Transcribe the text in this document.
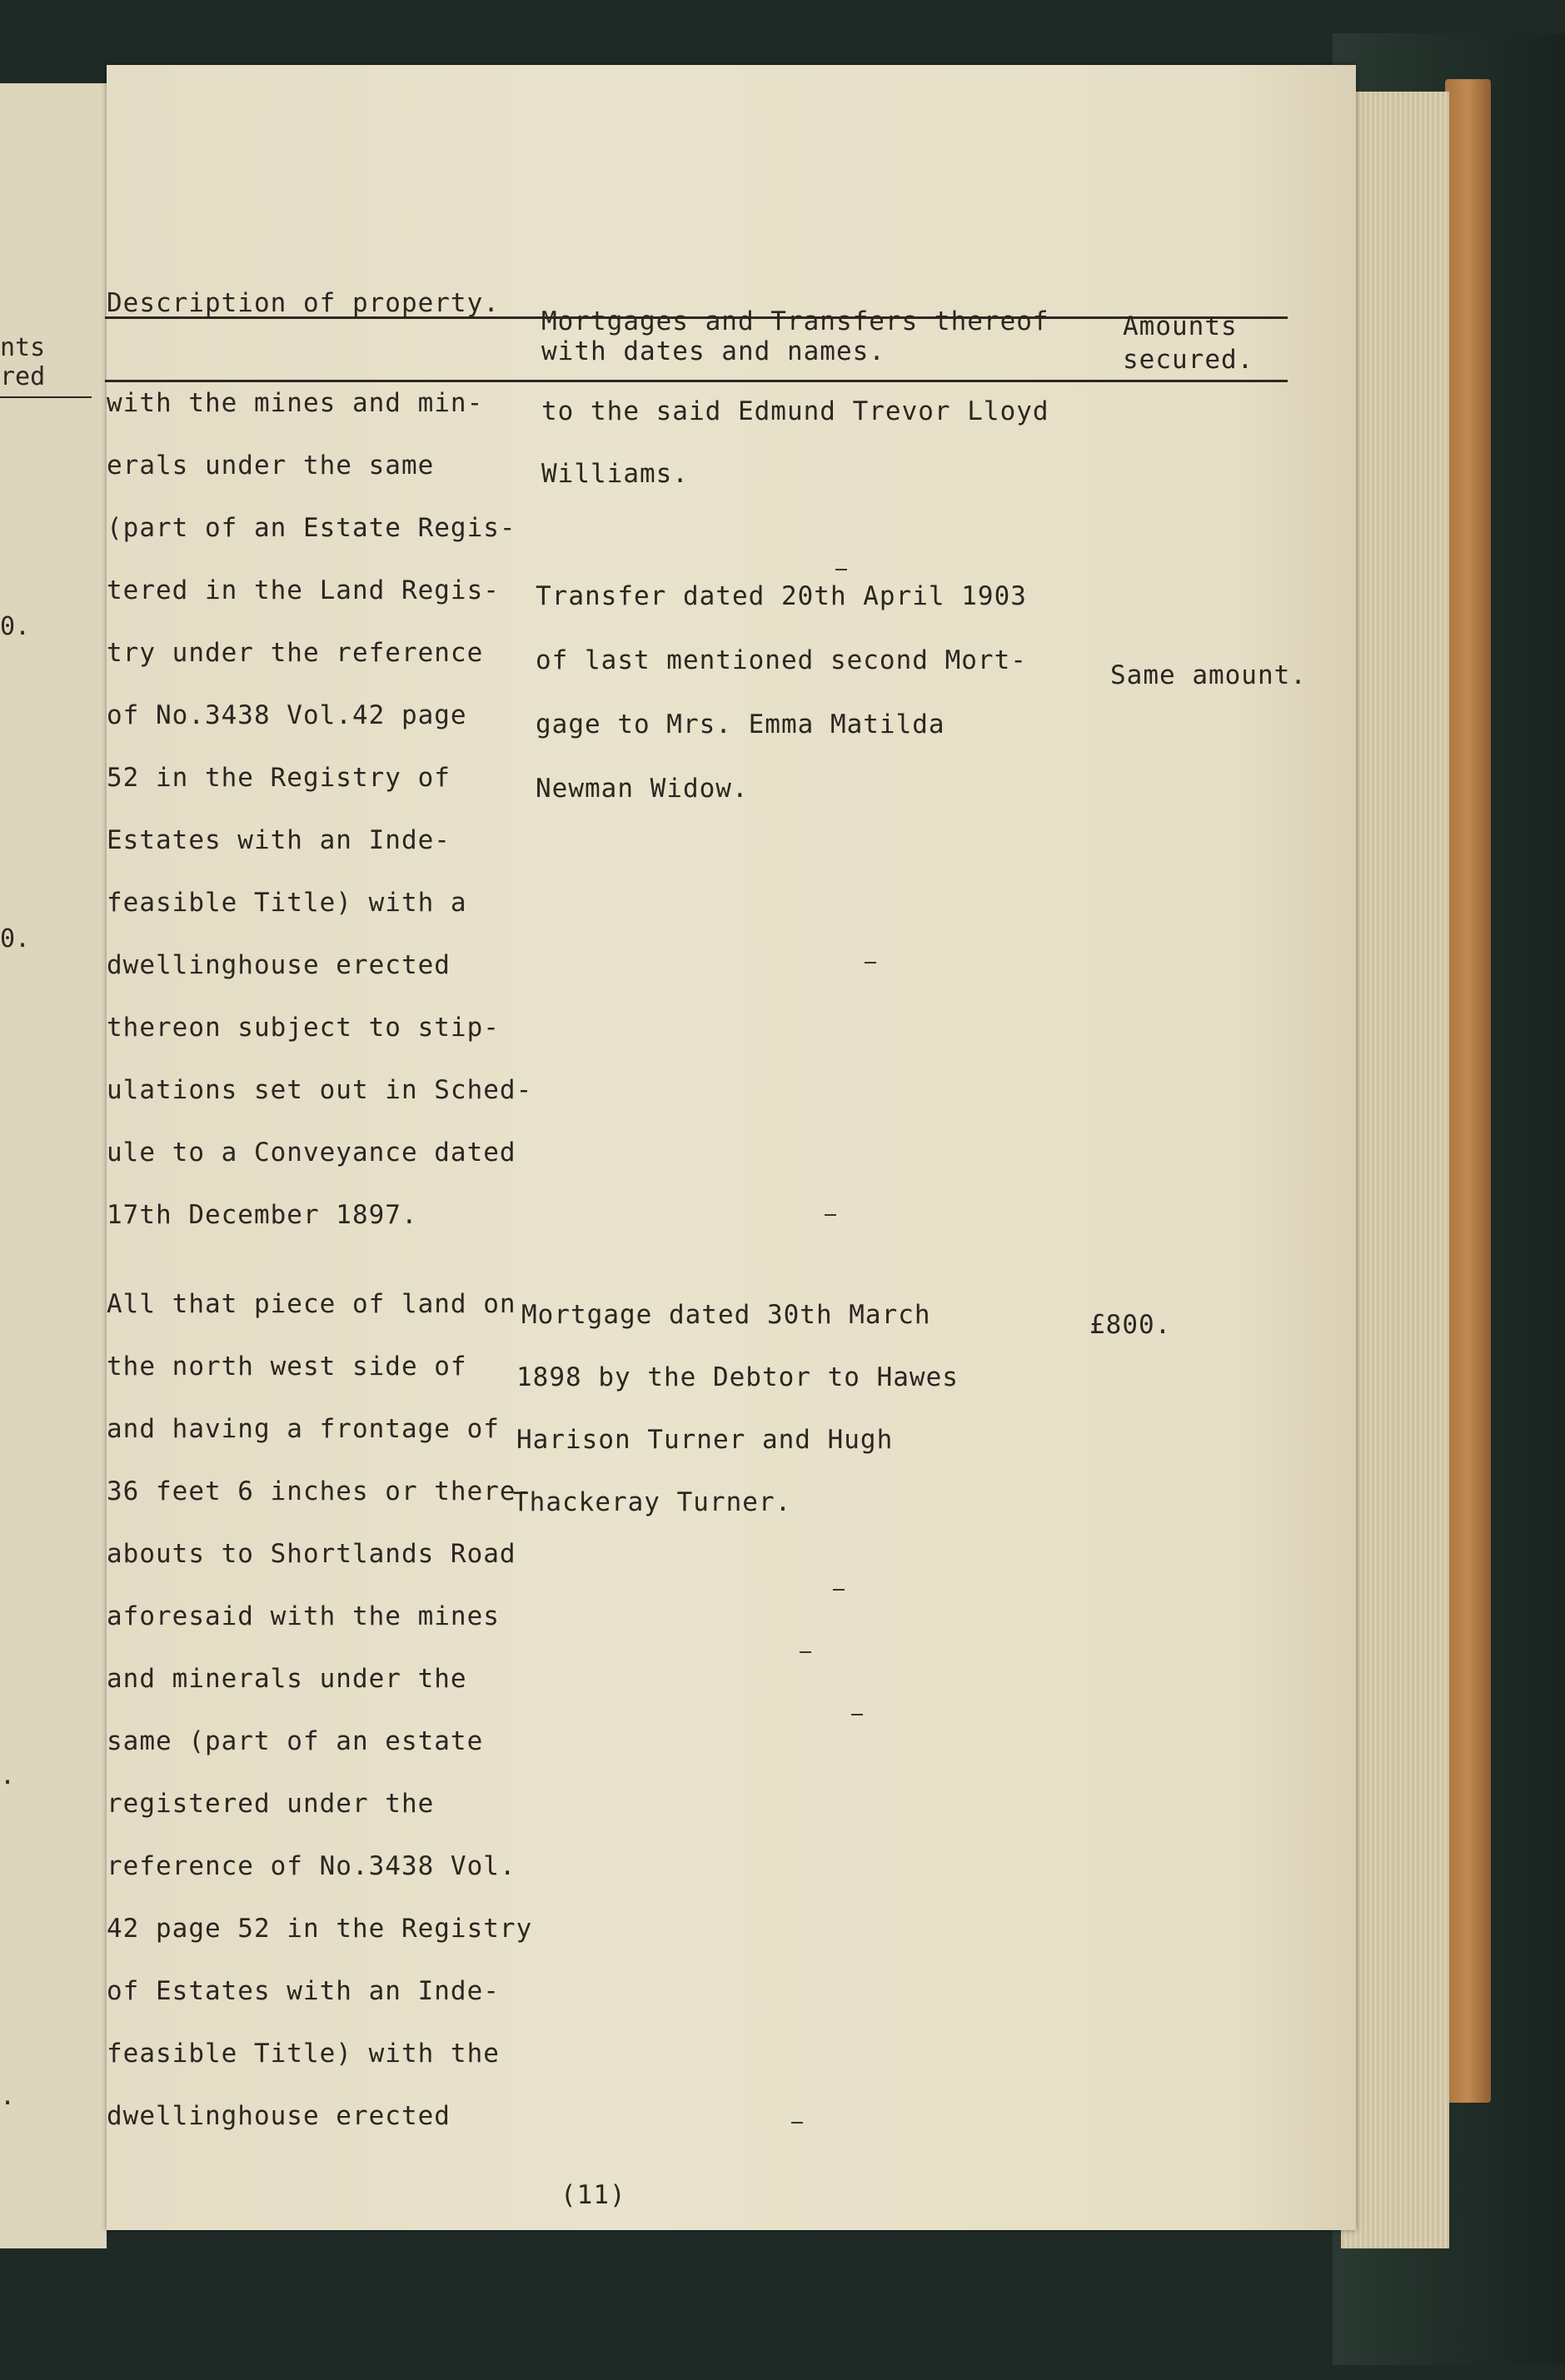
nts
red
0.
0.
.
.
Description of property.
Mortgages and Transfers thereof
with dates and names.
Amounts
secured.
with the mines and min-
erals under the same
(part of an Estate Regis-
tered in the Land Regis-
try under the reference
of No.3438 Vol.42 page
52 in the Registry of
Estates with an Inde-
feasible Title) with a
dwellinghouse erected
thereon subject to stip-
ulations set out in Sched-
ule to a Conveyance dated
17th December 1897.
All that piece of land on
the north west side of
and having a frontage of
36 feet 6 inches or there-
abouts to Shortlands Road
aforesaid with the mines
and minerals under the
same (part of an estate
registered under the
reference of No.3438 Vol.
42 page 52 in the Registry
of Estates with an Inde-
feasible Title) with the
dwellinghouse erected
to the said Edmund Trevor Lloyd
Williams.
Transfer dated 20th April 1903
of last mentioned second Mort-
gage to Mrs. Emma Matilda
Newman Widow.
Mortgage dated 30th March
1898 by the Debtor to Hawes
Harison Turner and Hugh
Thackeray Turner.
Same amount.
£800.
(11)
